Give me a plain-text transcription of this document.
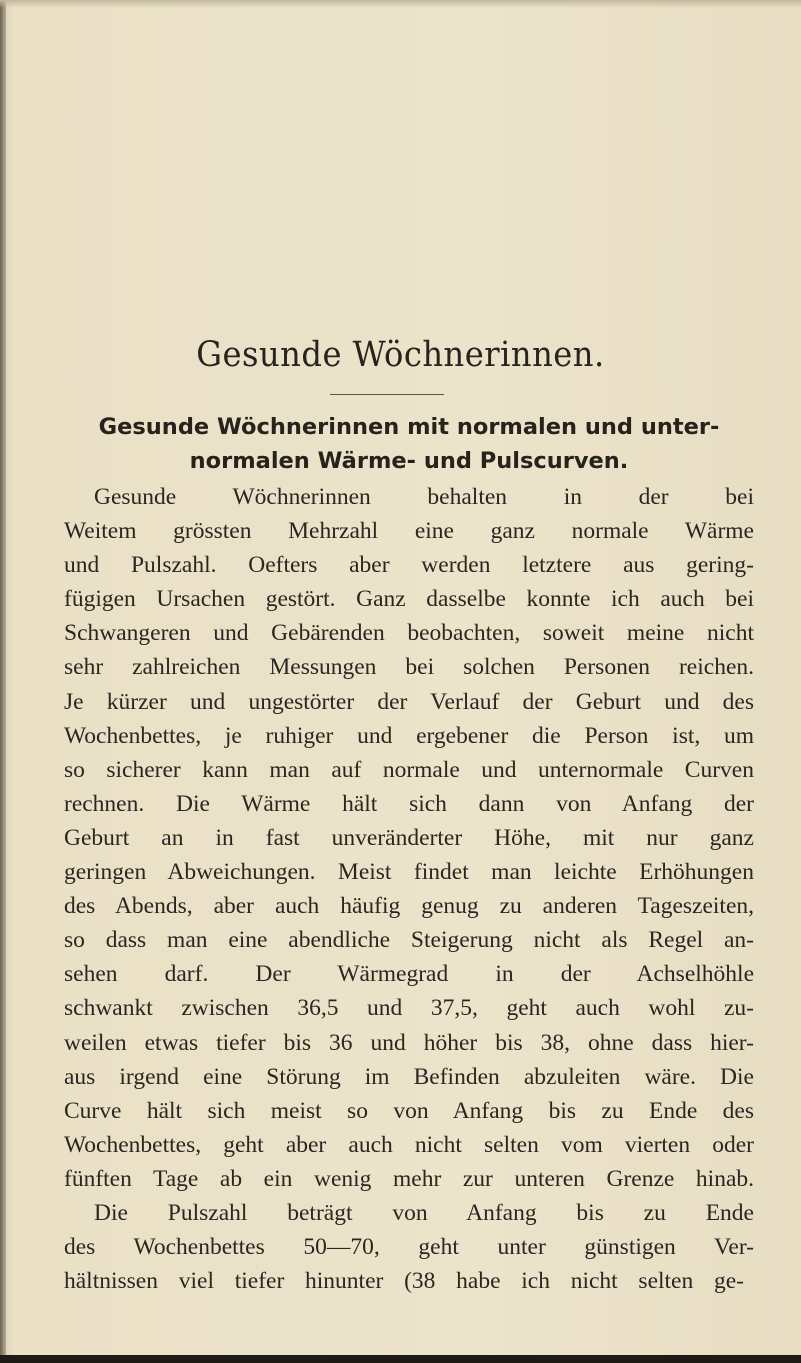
Gesunde Wöchnerinnen.
Gesunde Wöchnerinnen mit normalen und unter-
normalen Wärme- und Pulscurven.
Gesunde Wöchnerinnen behalten in der bei
Weitem grössten Mehrzahl eine ganz normale Wärme
und Pulszahl. Oefters aber werden letztere aus gering-
fügigen Ursachen gestört. Ganz dasselbe konnte ich auch bei
Schwangeren und Gebärenden beobachten, soweit meine nicht
sehr zahlreichen Messungen bei solchen Personen reichen.
Je kürzer und ungestörter der Verlauf der Geburt und des
Wochenbettes, je ruhiger und ergebener die Person ist, um
so sicherer kann man auf normale und unternormale Curven
rechnen. Die Wärme hält sich dann von Anfang der
Geburt an in fast unveränderter Höhe, mit nur ganz
geringen Abweichungen. Meist findet man leichte Erhöhungen
des Abends, aber auch häufig genug zu anderen Tageszeiten,
so dass man eine abendliche Steigerung nicht als Regel an-
sehen darf. Der Wärmegrad in der Achselhöhle
schwankt zwischen 36,5 und 37,5, geht auch wohl zu-
weilen etwas tiefer bis 36 und höher bis 38, ohne dass hier-
aus irgend eine Störung im Befinden abzuleiten wäre. Die
Curve hält sich meist so von Anfang bis zu Ende des
Wochenbettes, geht aber auch nicht selten vom vierten oder
fünften Tage ab ein wenig mehr zur unteren Grenze hinab.
Die Pulszahl beträgt von Anfang bis zu Ende
des Wochenbettes 50—70, geht unter günstigen Ver-
hältnissen viel tiefer hinunter (38 habe ich nicht selten ge-
